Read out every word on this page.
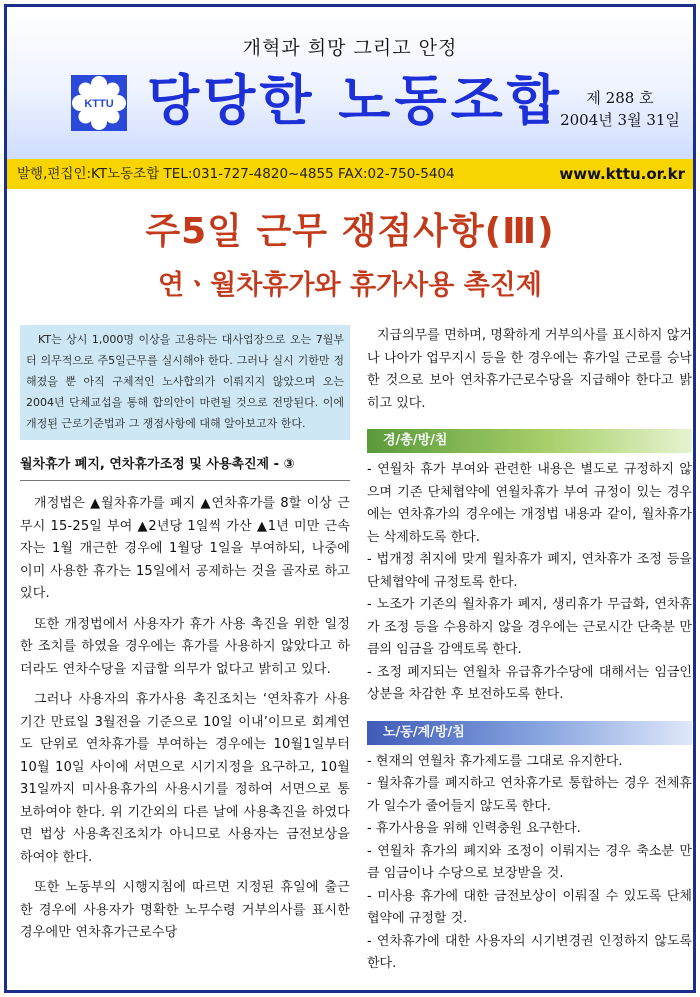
개혁과 희망 그리고 안정
KTTU 당당한 노동조합	제 288 호
2004년 3월 31일
발행,편집인:KT노동조합 TEL:031-727-4820~4855 FAX:02-750-5404	www.kttu.or.kr
주5일 근무 쟁점사항(Ⅲ)
연ㆍ월차휴가와 휴가사용 촉진제
KT는 상시 1,000명 이상을 고용하는 대사업장으로 오는 7월부터 의무적으로 주5일근무를 실시해야 한다. 그러나 실시 기한만 정해졌을 뿐 아직 구체적인 노사합의가 이뤄지지 않았으며 오는 2004년 단체교섭을 통해 합의안이 마련될 것으로 전망된다. 이에 개정된 근로기준법과 그 쟁점사항에 대해 알아보고자 한다.
월차휴가 폐지, 연차휴가조정 및 사용촉진제 - ③

개정법은 ▲월차휴가를 폐지 ▲연차휴가를 8할 이상 근무시 15-25일 부여 ▲2년당 1일씩 가산 ▲1년 미만 근속자는 1월 개근한 경우에 1월당 1일을 부여하되, 나중에 이미 사용한 휴가는 15일에서 공제하는 것을 골자로 하고 있다.

또한 개정법에서 사용자가 휴가 사용 촉진을 위한 일정한 조치를 하였을 경우에는 휴가를 사용하지 않았다고 하더라도 연차수당을 지급할 의무가 없다고 밝히고 있다.

그러나 사용자의 휴가사용 촉진조치는 ‘연차휴가 사용기간 만료일 3월전을 기준으로 10일 이내’이므로 회계연도 단위로 연차휴가를 부여하는 경우에는 10월1일부터 10월 10일 사이에 서면으로 시기지정을 요구하고, 10월 31일까지 미사용휴가의 사용시기를 정하여 서면으로 통보하여야 한다. 위 기간외의 다른 날에 사용촉진을 하였다면 법상 사용촉진조치가 아니므로 사용자는 금전보상을 하여야 한다.

또한 노동부의 시행지침에 따르면 지정된 휴일에 출근한 경우에 사용자가 명확한 노무수령 거부의사를 표시한 경우에만 연차휴가근로수당

지급의무를 면하며, 명확하게 거부의사를 표시하지 않거나 나아가 업무지시 등을 한 경우에는 휴가일 근로를 승낙한 것으로 보아 연차휴가근로수당을 지급해야 한다고 밝히고 있다.

경/총/방/침

- 연월차 휴가 부여와 관련한 내용은 별도로 규정하지 않으며 기존 단체협약에 연월차휴가 부여 규정이 있는 경우에는 연차휴가의 경우에는 개정법 내용과 같이, 월차휴가는 삭제하도록 한다.

- 법개정 취지에 맞게 월차휴가 폐지, 연차휴가 조정 등을 단체협약에 규정토록 한다.

- 노조가 기존의 월차휴가 폐지, 생리휴가 무급화, 연차휴가 조정 등을 수용하지 않을 경우에는 근로시간 단축분 만큼의 임금을 감액토록 한다.

- 조정 폐지되는 연월차 유급휴가수당에 대해서는 임금인상분을 차감한 후 보전하도록 한다.

노/동/계/방/침

- 현재의 연월차 휴가제도를 그대로 유지한다.

- 월차휴가를 폐지하고 연차휴가로 통합하는 경우 전체휴가 일수가 줄어들지 않도록 한다.

- 휴가사용을 위해 인력충원 요구한다.

- 연월차 휴가의 폐지와 조정이 이뤄지는 경우 축소분 만큼 임금이나 수당으로 보장받을 것.

- 미사용 휴가에 대한 금전보상이 이뤄질 수 있도록 단체협약에 규정할 것.

- 연차휴가에 대한 사용자의 시기변경권 인정하지 않도록 한다.
